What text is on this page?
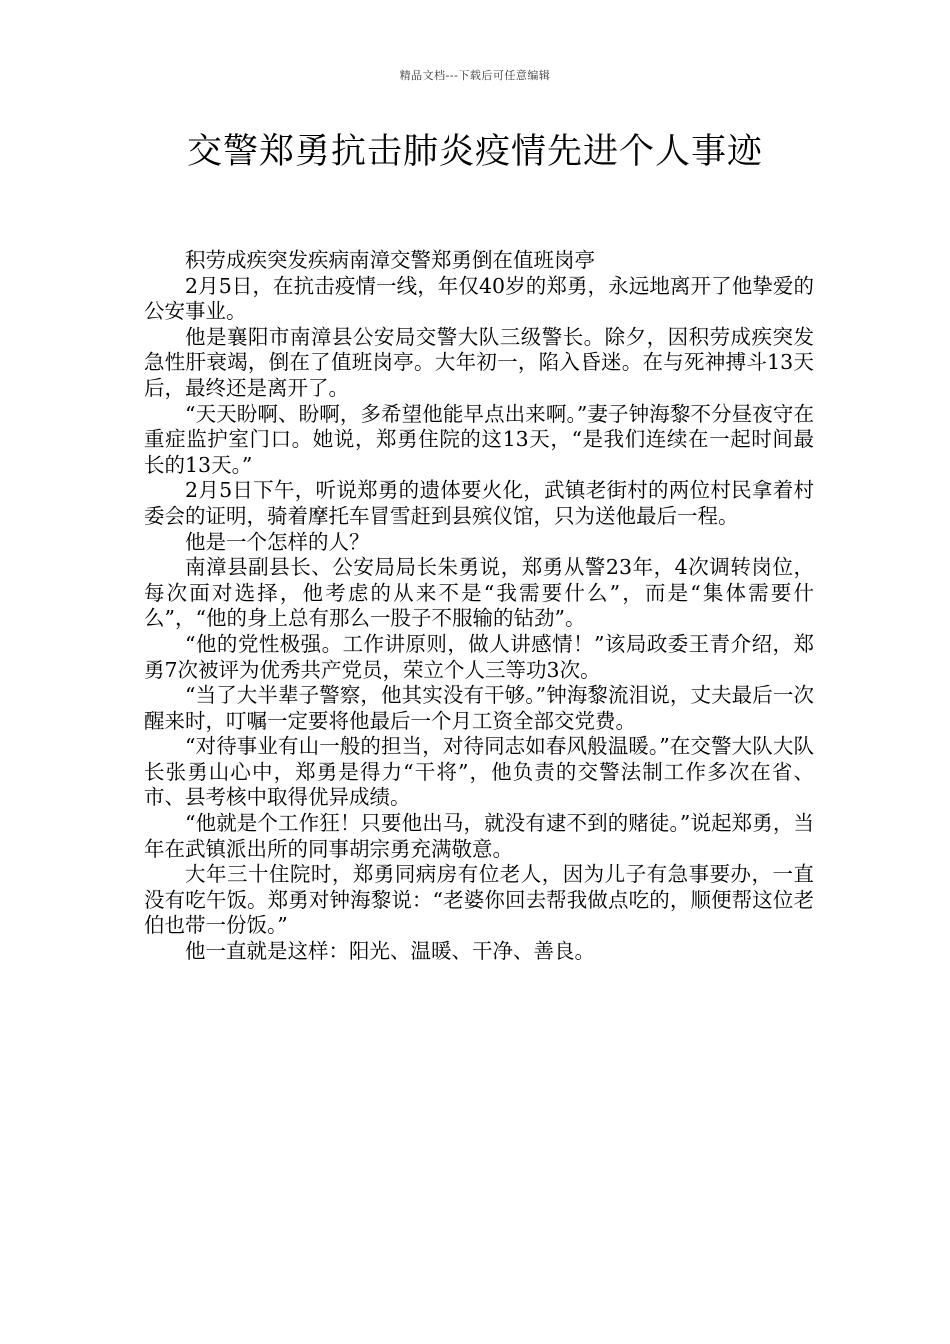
精品文档---下载后可任意编辑
交警郑勇抗击肺炎疫情先进个人事迹

积劳成疾突发疾病南漳交警郑勇倒在值班岗亭

2月5日，在抗击疫情一线，年仅40岁的郑勇，永远地离开了他挚爱的公安事业。

他是襄阳市南漳县公安局交警大队三级警长。除夕，因积劳成疾突发急性肝衰竭，倒在了值班岗亭。大年初一，陷入昏迷。在与死神搏斗13天后，最终还是离开了。

“天天盼啊、盼啊，多希望他能早点出来啊。”妻子钟海黎不分昼夜守在重症监护室门口。她说，郑勇住院的这13天，“是我们连续在一起时间最长的13天。”

2月5日下午，听说郑勇的遗体要火化，武镇老街村的两位村民拿着村委会的证明，骑着摩托车冒雪赶到县殡仪馆，只为送他最后一程。

他是一个怎样的人？

南漳县副县长、公安局局长朱勇说，郑勇从警23年，4次调转岗位，每次面对选择，他考虑的从来不是“我需要什么”，而是“集体需要什么”，“他的身上总有那么一股子不服输的钻劲”。

“他的党性极强。工作讲原则，做人讲感情！”该局政委王青介绍，郑勇7次被评为优秀共产党员，荣立个人三等功3次。

“当了大半辈子警察，他其实没有干够。”钟海黎流泪说，丈夫最后一次醒来时，叮嘱一定要将他最后一个月工资全部交党费。

“对待事业有山一般的担当，对待同志如春风般温暖。”在交警大队大队长张勇山心中，郑勇是得力“干将”，他负责的交警法制工作多次在省、市、县考核中取得优异成绩。

“他就是个工作狂！只要他出马，就没有逮不到的赌徒。”说起郑勇，当年在武镇派出所的同事胡宗勇充满敬意。

大年三十住院时，郑勇同病房有位老人，因为儿子有急事要办，一直没有吃午饭。郑勇对钟海黎说：“老婆你回去帮我做点吃的，顺便帮这位老伯也带一份饭。”

他一直就是这样：阳光、温暖、干净、善良。
